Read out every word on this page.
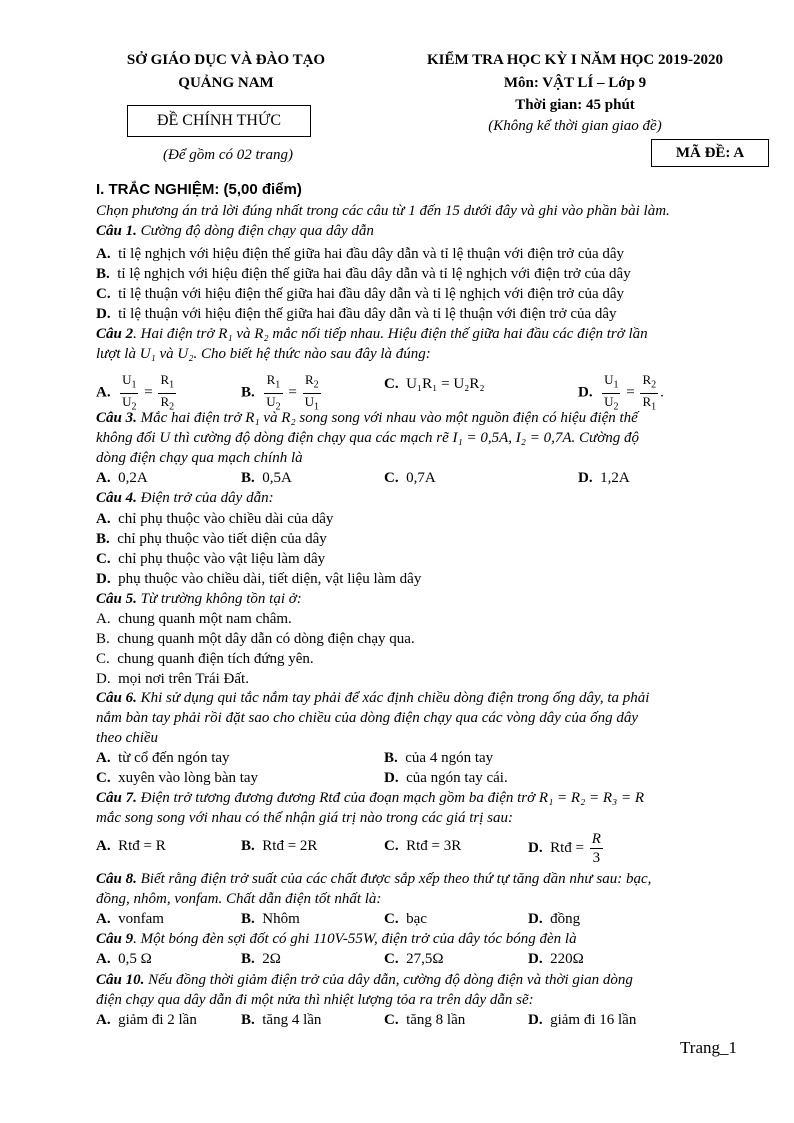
SỞ GIÁO DỤC VÀ ĐÀO TẠO
QUẢNG NAM
ĐỀ CHÍNH THỨC
(Để gồm có 02 trang)
KIỂM TRA HỌC KỲ I NĂM HỌC 2019-2020
Môn: VẬT LÍ – Lớp 9
Thời gian: 45 phút
(Không kể thời gian giao đề)
MÃ ĐỀ: A
I. TRẮC NGHIỆM: (5,00 điểm)
Chọn phương án trả lời đúng nhất trong các câu từ 1 đến 15 dưới đây và ghi vào phần bài làm.
Câu 1. Cường độ dòng điện chạy qua dây dẫn
A. tỉ lệ nghịch với hiệu điện thế giữa hai đầu dây dẫn và tỉ lệ thuận với điện trở của dây
B. tỉ lệ nghịch với hiệu điện thế giữa hai đầu dây dẫn và tỉ lệ nghịch với điện trở của dây
C. tỉ lệ thuận với hiệu điện thế giữa hai đầu dây dẫn và tỉ lệ nghịch với điện trở của dây
D. tỉ lệ thuận với hiệu điện thế giữa hai đầu dây dẫn và tỉ lệ thuận với điện trở của dây
Câu 2. Hai điện trở R₁ và R₂ mắc nối tiếp nhau. Hiệu điện thế giữa hai đầu các điện trở lần
lượt là U₁ và U₂. Cho biết hệ thức nào sau đây là đúng:
A. $\frac{U_1}{U_2} = \frac{R_1}{R_2}$	B. $\frac{R_1}{U_2} = \frac{R_2}{U_1}$	C. U₁R₁ = U₂R₂
D. $\frac{U_1}{U_2} = \frac{R_2}{R_1}$ .
Câu 3. Mắc hai điện trở R₁ và R₂ song song với nhau vào một nguồn điện có hiệu điện thế
không đổi U thì cường độ dòng điện chạy qua các mạch rẽ I₁ = 0,5A, I₂ = 0,7A. Cường độ
dòng điện chạy qua mạch chính là
A. 0,2A	B. 0,5A	C. 0,7A	D. 1,2A
Câu 4. Điện trở của dây dẫn:
A. chỉ phụ thuộc vào chiều dài của dây
B. chỉ phụ thuộc vào tiết diện của dây
C. chỉ phụ thuộc vào vật liệu làm dây
D. phụ thuộc vào chiều dài, tiết diện, vật liệu làm dây
Câu 5. Từ trường không tồn tại ở:
A. chung quanh một nam châm.
B. chung quanh một dây dẫn có dòng điện chạy qua.
C. chung quanh điện tích đứng yên.
D. mọi nơi trên Trái Đất.
Câu 6. Khi sử dụng qui tắc nắm tay phải để xác định chiều dòng điện trong ống dây, ta phải
nắm bàn tay phải rồi đặt sao cho chiều của dòng điện chạy qua các vòng dây của ống dây
theo chiều
A. từ cổ đến ngón tay	B. của 4 ngón tay
C. xuyên vào lòng bàn tay	D. của ngón tay cái.
Câu 7. Điện trở tương đương đương Rtđ của đoạn mạch gồm ba điện trở R₁ = R₂ = R₃ = R
mắc song song với nhau có thể nhận giá trị nào trong các giá trị sau:
A. Rtđ = R	B. Rtđ = 2R	C. Rtđ = 3R	D. Rtđ = $\frac{R}{3}$
Câu 8. Biết rằng điện trở suất của các chất được sắp xếp theo thứ tự tăng dần như sau: bạc,
đồng, nhôm, vonfam. Chất dẫn điện tốt nhất là:
A. vonfam	B. Nhôm	C. bạc	D. đồng
Câu 9. Một bóng đèn sợi đốt có ghi 110V-55W, điện trở của dây tóc bóng đèn là
A. 0,5 Ω	B. 2Ω	C. 27,5Ω	D. 220Ω
Câu 10. Nếu đồng thời giảm điện trở của dây dẫn, cường độ dòng điện và thời gian dòng
điện chạy qua dây dẫn đi một nửa thì nhiệt lượng tỏa ra trên dây dẫn sẽ:
A. giảm đi 2 lần	B. tăng 4 lần	C. tăng 8 lần	D. giảm đi 16 lần
Trang_1
